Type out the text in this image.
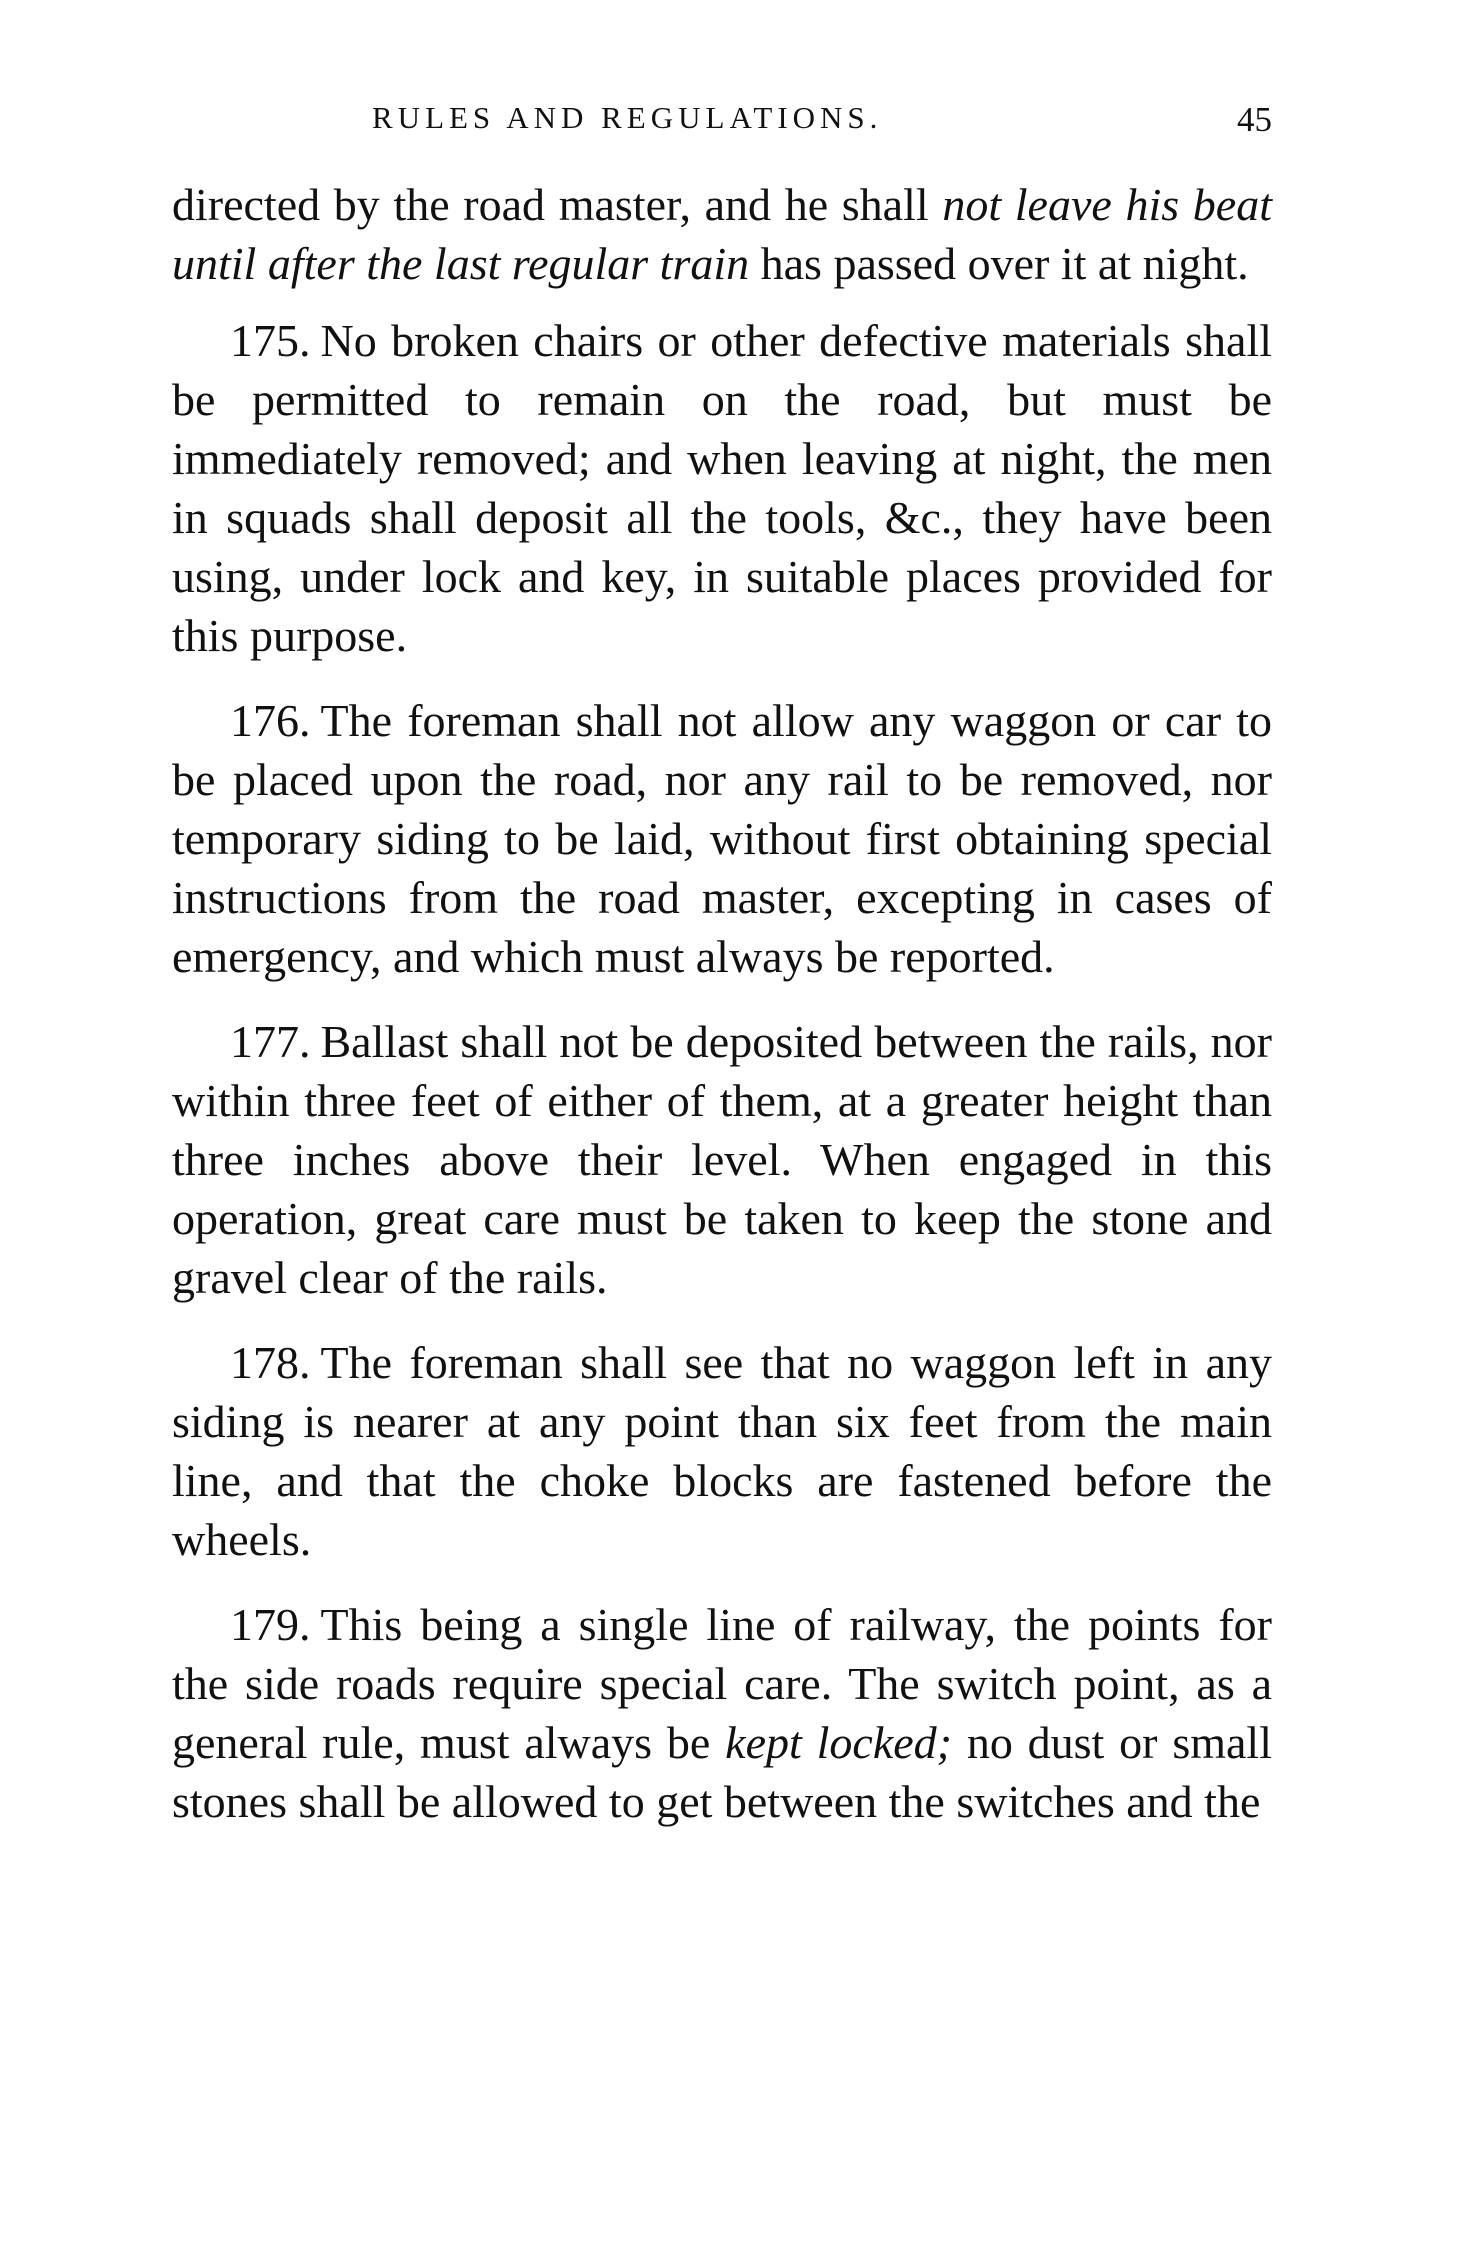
RULES AND REGULATIONS.	45

directed by the road master, and he shall not leave his beat until after the last regular train has passed over it at night.

175. No broken chairs or other defective materials shall be permitted to remain on the road, but must be immediately removed; and when leaving at night, the men in squads shall deposit all the tools, &c., they have been using, under lock and key, in suitable places provided for this purpose.

176. The foreman shall not allow any waggon or car to be placed upon the road, nor any rail to be removed, nor temporary siding to be laid, without first obtaining special instructions from the road master, excepting in cases of emergency, and which must always be reported.

177. Ballast shall not be deposited between the rails, nor within three feet of either of them, at a greater height than three inches above their level. When engaged in this operation, great care must be taken to keep the stone and gravel clear of the rails.

178. The foreman shall see that no waggon left in any siding is nearer at any point than six feet from the main line, and that the choke blocks are fastened before the wheels.

179. This being a single line of railway, the points for the side roads require special care. The switch point, as a general rule, must always be kept locked; no dust or small stones shall be allowed to get between the switches and the
